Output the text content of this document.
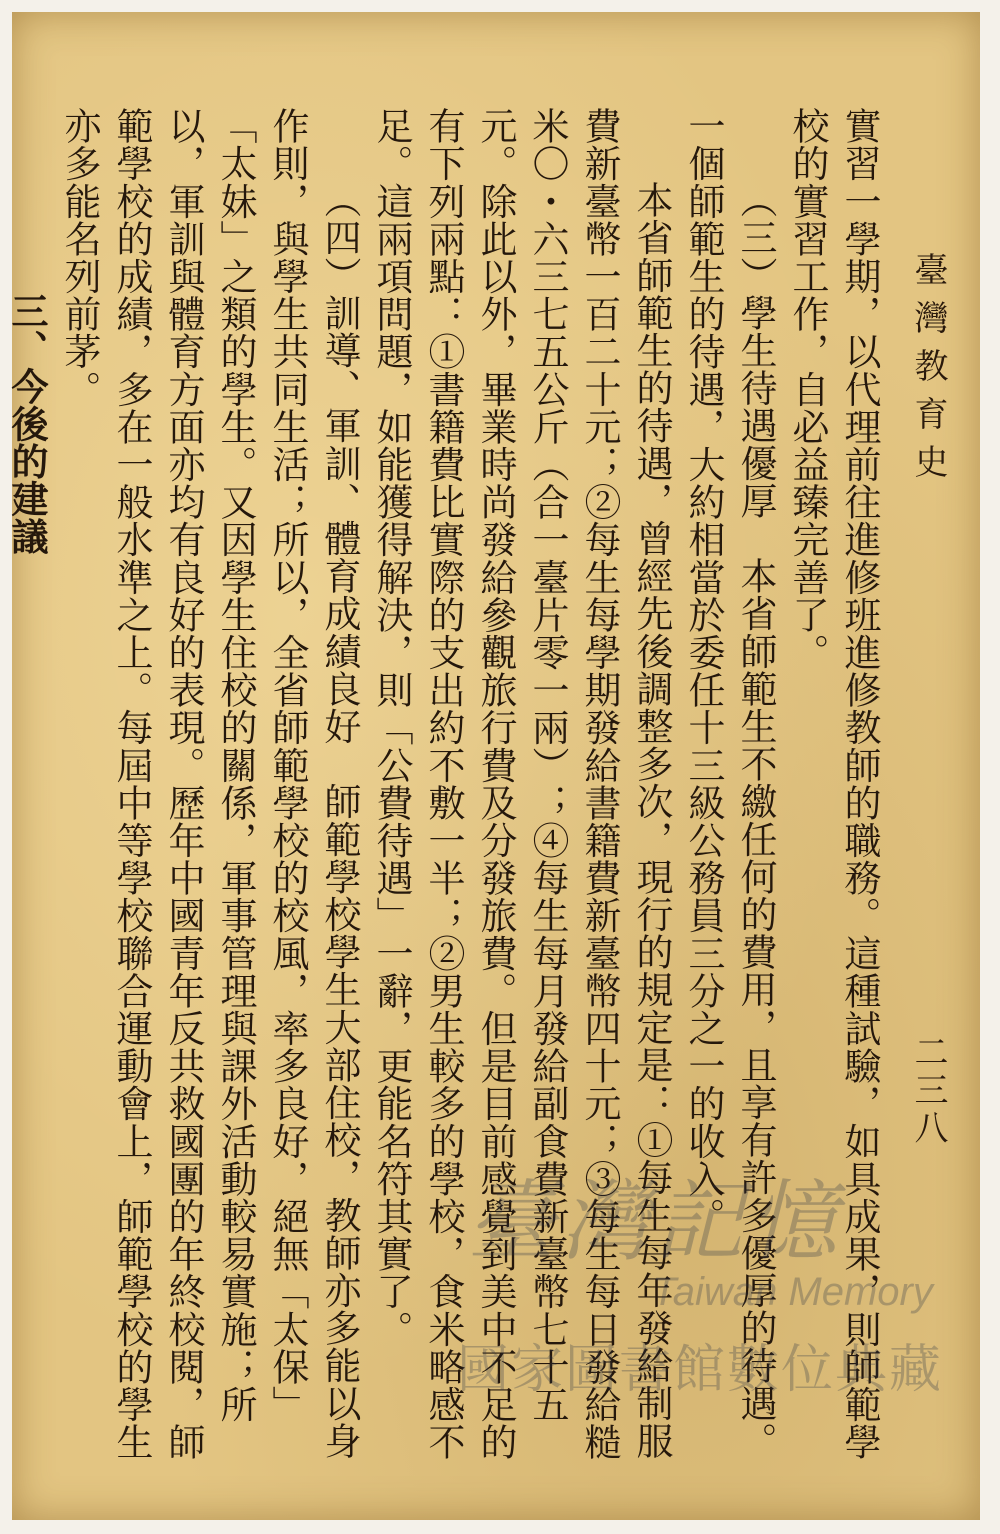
臺灣教育史
二三八

實習一學期，以代理前往進修班進修教師的職務。這種試驗，如具成果，則師範學校的實習工作，自必益臻完善了。

（三）學生待遇優厚　本省師範生不繳任何的費用，且享有許多優厚的待遇。一個師範生的待遇，大約相當於委任十三級公務員三分之一的收入。

本省師範生的待遇，曾經先後調整多次，現行的規定是：①每生每年發給制服費新臺幣一百二十元；②每生每學期發給書籍費新臺幣四十元；③每生每日發給糙米〇・六三七五公斤（合一臺片零一兩）；④每生每月發給副食費新臺幣七十五元。除此以外，畢業時尚發給參觀旅行費及分發旅費。但是目前感覺到美中不足的有下列兩點：①書籍費比實際的支出約不敷一半；②男生較多的學校，食米略感不足。這兩項問題，如能獲得解決，則「公費待遇」一辭，更能名符其實了。

（四）訓導、軍訓、體育成績良好　師範學校學生大部住校，教師亦多能以身作則，與學生共同生活；所以，全省師範學校的校風，率多良好，絕無「太保」「太妹」之類的學生。又因學生住校的關係，軍事管理與課外活動較易實施；所以，軍訓與體育方面亦均有良好的表現。歷年中國青年反共救國團的年終校閱，師範學校的成績，多在一般水準之上。每屆中等學校聯合運動會上，師範學校的學生亦多能名列前茅。

三、今後的建議

臺灣記憶
Taiwan Memory
國家圖書館數位典藏
